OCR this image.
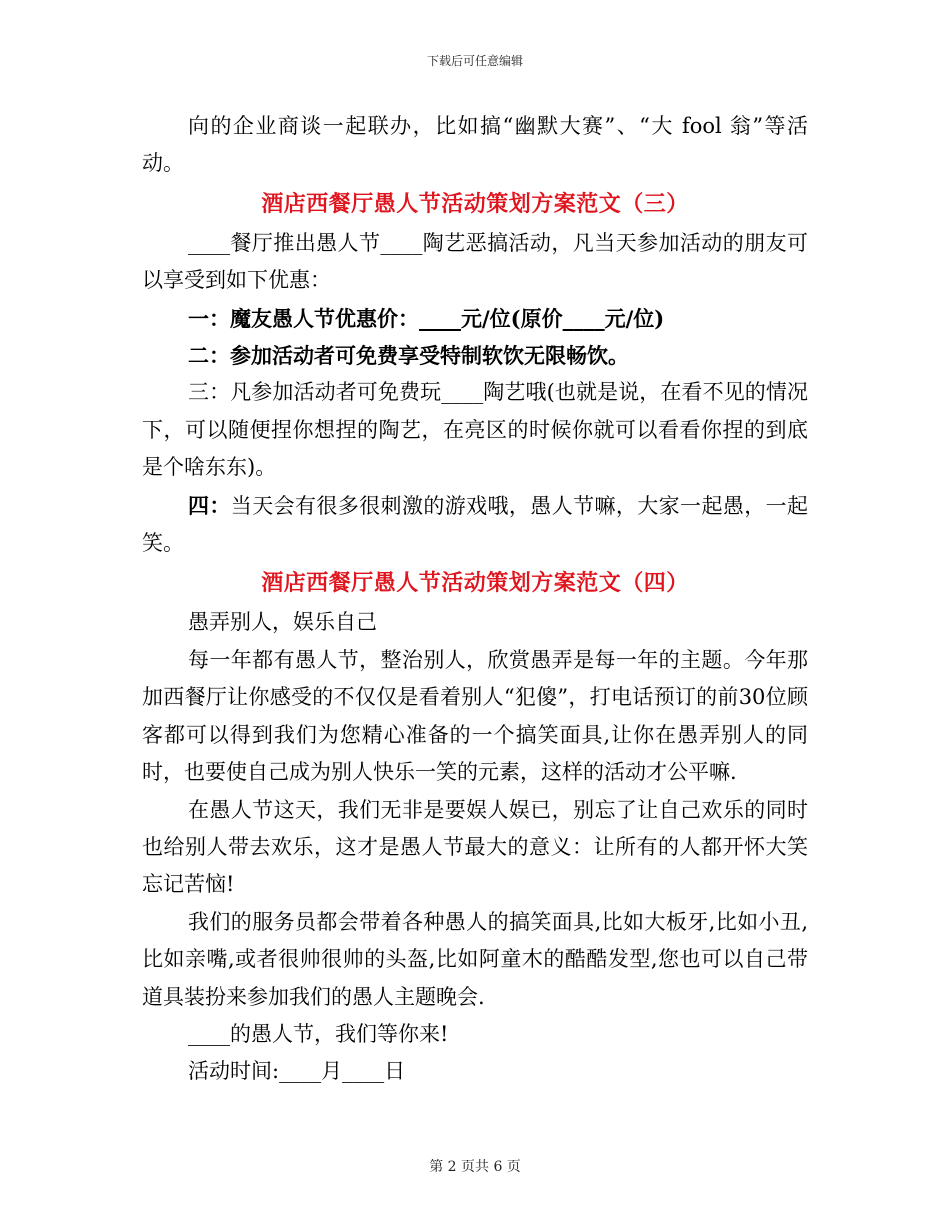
下载后可任意编辑

向的企业商谈一起联办，比如搞“幽默大赛”、“大 fool 翁”等活动。

酒店西餐厅愚人节活动策划方案范文（三）

____餐厅推出愚人节____陶艺恶搞活动，凡当天参加活动的朋友可以享受到如下优惠：

一：魔友愚人节优惠价：____元/位(原价____元/位)

二：参加活动者可免费享受特制软饮无限畅饮。

三：凡参加活动者可免费玩____陶艺哦(也就是说，在看不见的情况下，可以随便捏你想捏的陶艺，在亮区的时候你就可以看看你捏的到底是个啥东东)。

四：当天会有很多很刺激的游戏哦，愚人节嘛，大家一起愚，一起笑。

酒店西餐厅愚人节活动策划方案范文（四）

愚弄别人，娱乐自己

每一年都有愚人节，整治别人，欣赏愚弄是每一年的主题。今年那加西餐厅让你感受的不仅仅是看着别人“犯傻”，打电话预订的前30位顾客都可以得到我们为您精心准备的一个搞笑面具,让你在愚弄别人的同时，也要使自己成为别人快乐一笑的元素，这样的活动才公平嘛.

在愚人节这天，我们无非是要娱人娱已，别忘了让自己欢乐的同时也给别人带去欢乐，这才是愚人节最大的意义：让所有的人都开怀大笑忘记苦恼!

我们的服务员都会带着各种愚人的搞笑面具,比如大板牙,比如小丑,比如亲嘴,或者很帅很帅的头盔,比如阿童木的酷酷发型,您也可以自己带道具装扮来参加我们的愚人主题晚会.

____的愚人节，我们等你来!

活动时间:____月____日

第 2 页共 6 页
